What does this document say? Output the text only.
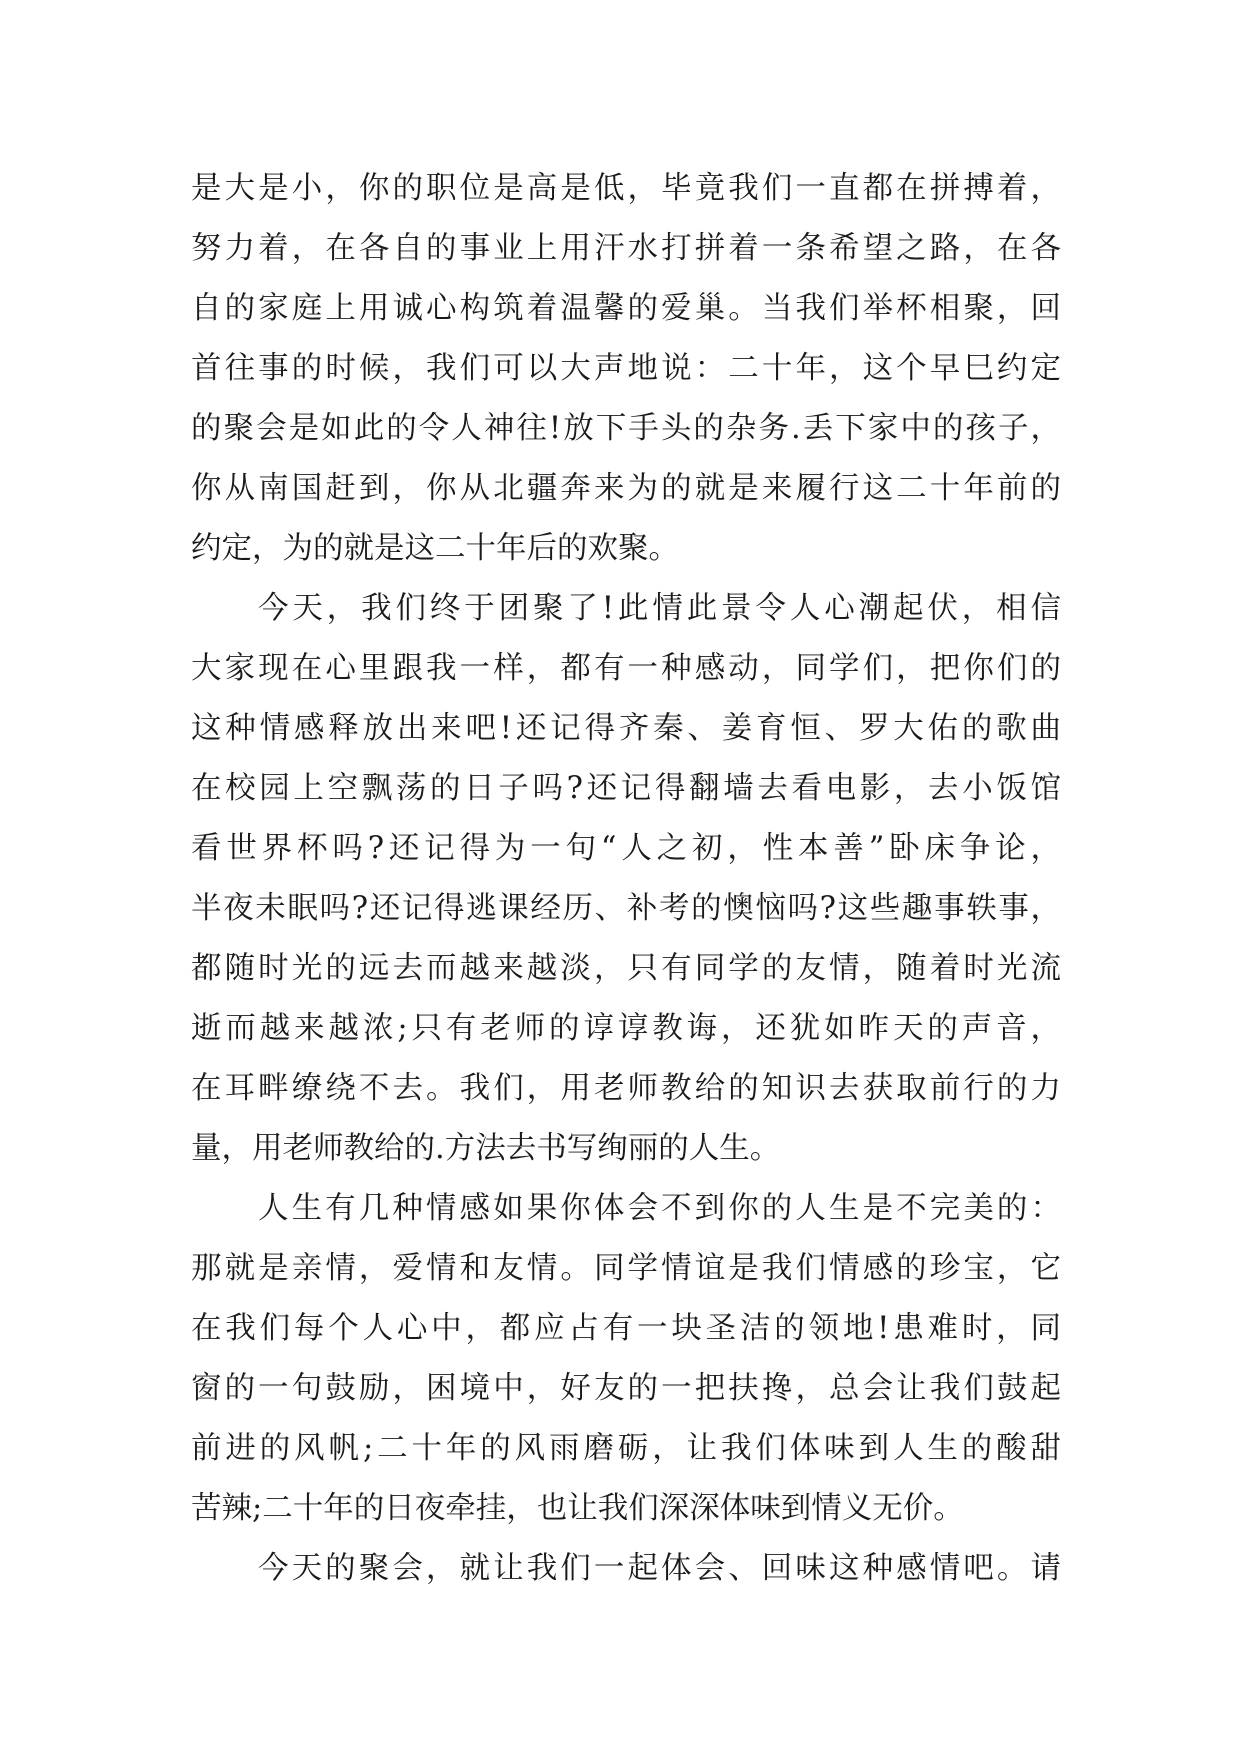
是大是小，你的职位是高是低，毕竟我们一直都在拼搏着，
努力着，在各自的事业上用汗水打拼着一条希望之路，在各
自的家庭上用诚心构筑着温馨的爱巢。当我们举杯相聚，回
首往事的时候，我们可以大声地说：二十年，这个早巳约定
的聚会是如此的令人神往!放下手头的杂务.丢下家中的孩子，
你从南国赶到，你从北疆奔来为的就是来履行这二十年前的
约定，为的就是这二十年后的欢聚。
今天，我们终于团聚了!此情此景令人心潮起伏，相信
大家现在心里跟我一样，都有一种感动，同学们，把你们的
这种情感释放出来吧!还记得齐秦、姜育恒、罗大佑的歌曲
在校园上空飘荡的日子吗?还记得翻墙去看电影，去小饭馆
看世界杯吗?还记得为一句“人之初，性本善”卧床争论，
半夜未眠吗?还记得逃课经历、补考的懊恼吗?这些趣事轶事，
都随时光的远去而越来越淡，只有同学的友情，随着时光流
逝而越来越浓;只有老师的谆谆教诲，还犹如昨天的声音，
在耳畔缭绕不去。我们，用老师教给的知识去获取前行的力
量，用老师教给的.方法去书写绚丽的人生。
人生有几种情感如果你体会不到你的人生是不完美的：
那就是亲情，爱情和友情。同学情谊是我们情感的珍宝，它
在我们每个人心中，都应占有一块圣洁的领地!患难时，同
窗的一句鼓励，困境中，好友的一把扶搀，总会让我们鼓起
前进的风帆;二十年的风雨磨砺，让我们体味到人生的酸甜
苦辣;二十年的日夜牵挂，也让我们深深体味到情义无价。
今天的聚会，就让我们一起体会、回味这种感情吧。请
